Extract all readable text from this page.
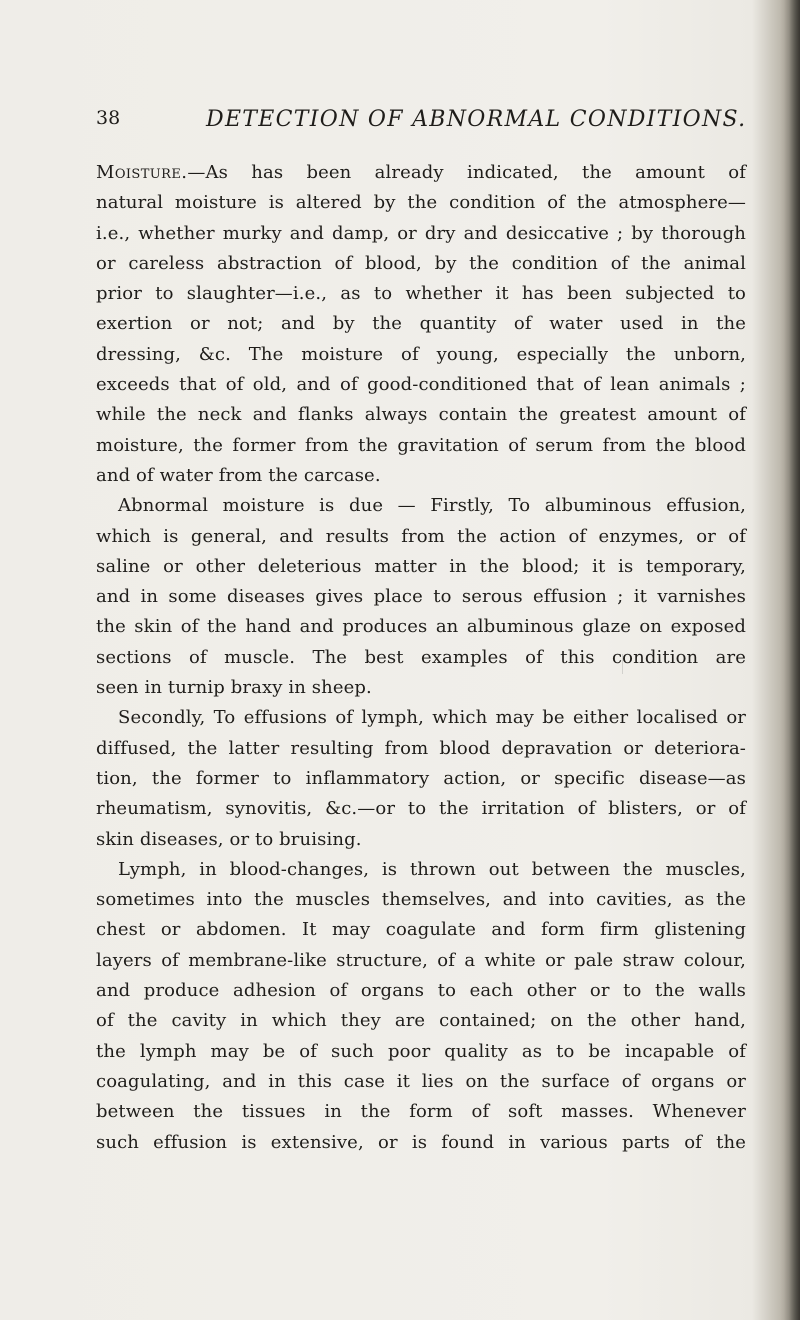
38	DETECTION OF ABNORMAL CONDITIONS.
Moisture.—As has been already indicated, the amount of
natural moisture is altered by the condition of the atmosphere—
i.e., whether murky and damp, or dry and desiccative ; by thorough
or careless abstraction of blood, by the condition of the animal
prior to slaughter—i.e., as to whether it has been subjected to
exertion or not; and by the quantity of water used in the
dressing, &c. The moisture of young, especially the unborn,
exceeds that of old, and of good-conditioned that of lean animals ;
while the neck and flanks always contain the greatest amount of
moisture, the former from the gravitation of serum from the blood
and of water from the carcase.
Abnormal moisture is due — Firstly, To albuminous effusion,
which is general, and results from the action of enzymes, or of
saline or other deleterious matter in the blood; it is temporary,
and in some diseases gives place to serous effusion ; it varnishes
the skin of the hand and produces an albuminous glaze on exposed
sections of muscle. The best examples of this condition are
seen in turnip braxy in sheep.
Secondly, To effusions of lymph, which may be either localised or
diffused, the latter resulting from blood depravation or deteriora-
tion, the former to inflammatory action, or specific disease—as
rheumatism, synovitis, &c.—or to the irritation of blisters, or of
skin diseases, or to bruising.
Lymph, in blood-changes, is thrown out between the muscles,
sometimes into the muscles themselves, and into cavities, as the
chest or abdomen. It may coagulate and form firm glistening
layers of membrane-like structure, of a white or pale straw colour,
and produce adhesion of organs to each other or to the walls
of the cavity in which they are contained; on the other hand,
the lymph may be of such poor quality as to be incapable of
coagulating, and in this case it lies on the surface of organs or
between the tissues in the form of soft masses. Whenever
such effusion is extensive, or is found in various parts of the
